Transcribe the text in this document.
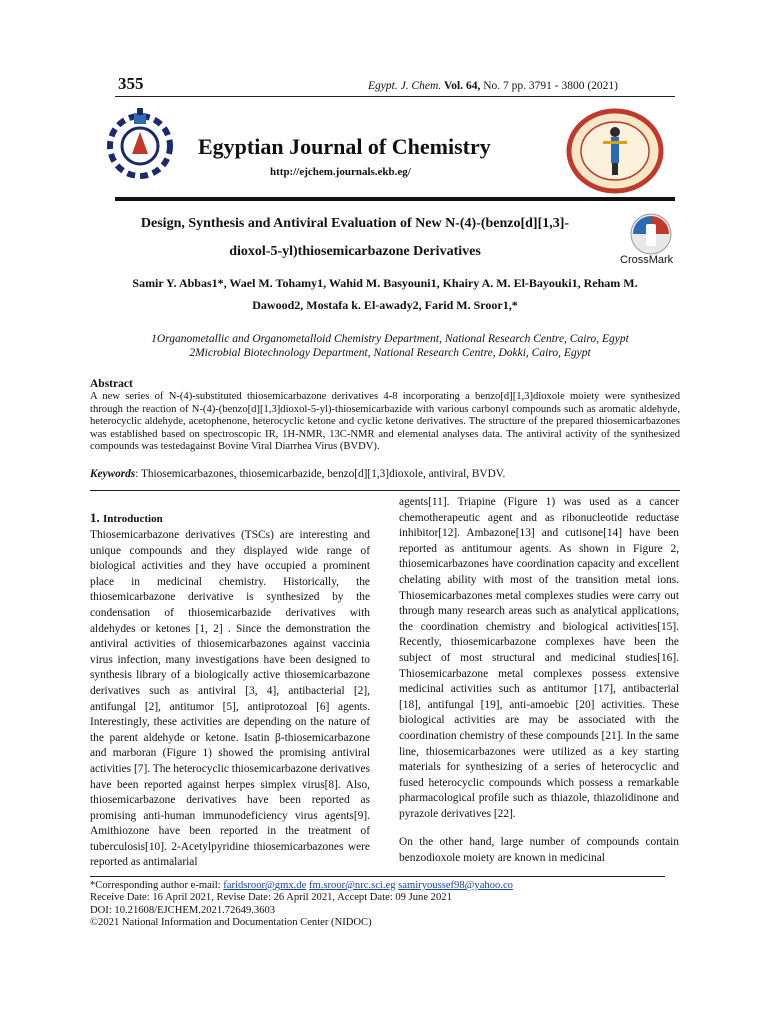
355	Egypt. J. Chem. Vol. 64, No. 7 pp. 3791 - 3800 (2021)
Egyptian Journal of Chemistry
http://ejchem.journals.ekb.eg/
Design, Synthesis and Antiviral Evaluation of New N-(4)-(benzo[d][1,3]-
dioxol-5-yl)thiosemicarbazone Derivatives
CrossMark
Samir Y. Abbas1*, Wael M. Tohamy1, Wahid M. Basyouni1, Khairy A. M. El-Bayouki1, Reham M.
Dawood2, Mostafa k. El-awady2, Farid M. Sroor1,*
1Organometallic and Organometalloid Chemistry Department, National Research Centre, Cairo, Egypt
2Microbial Biotechnology Department, National Research Centre, Dokki, Cairo, Egypt
Abstract
A new series of N-(4)-substituted thiosemicarbazone derivatives 4-8 incorporating a benzo[d][1,3]dioxole moiety were synthesized through the reaction of N-(4)-(benzo[d][1,3]dioxol-5-yl)-thiosemicarbazide with various carbonyl compounds such as aromatic aldehyde, heterocyclic aldehyde, acetophenone, heterocyclic ketone and cyclic ketone derivatives. The structure of the prepared thiosemicarbazones was established based on spectroscopic IR, 1H-NMR, 13C-NMR and elemental analyses data. The antiviral activity of the synthesized compounds was testedagainst Bovine Viral Diarrhea Virus (BVDV).
Keywords: Thiosemicarbazones, thiosemicarbazide, benzo[d][1,3]dioxole, antiviral, BVDV.
1. Introduction
Thiosemicarbazone derivatives (TSCs) are interesting and unique compounds and they displayed wide range of biological activities and they have occupied a prominent place in medicinal chemistry. Historically, the thiosemicarbazone derivative is synthesized by the condensation of thiosemicarbazide derivatives with aldehydes or ketones [1, 2] . Since the demonstration the antiviral activities of thiosemicarbazones against vaccinia virus infection, many investigations have been designed to synthesis library of a biologically active thiosemicarbazone derivatives such as antiviral [3, 4], antibacterial [2], antifungal [2], antitumor [5], antiprotozoal [6] agents. Interestingly, these activities are depending on the nature of the parent aldehyde or ketone. Isatin β-thiosemicarbazone and marboran (Figure 1) showed the promising antiviral activities [7]. The heterocyclic thiosemicarbazone derivatives have been reported against herpes simplex virus[8]. Also, thiosemicarbazone derivatives have been reported as promising anti-human immunodeficiency virus agents[9]. Amithiozone have been reported in the treatment of tuberculosis[10]. 2-Acetylpyridine thiosemicarbazones were reported as antimalarial

agents[11]. Triapine (Figure 1) was used as a cancer chemotherapeutic agent and as ribonucleotide reductase inhibitor[12]. Ambazone[13] and cutisone[14] have been reported as antitumour agents. As shown in Figure 2, thiosemicarbazones have coordination capacity and excellent chelating ability with most of the transition metal ions. Thiosemicarbazones metal complexes studies were carry out through many research areas such as analytical applications, the coordination chemistry and biological activities[15]. Recently, thiosemicarbazone complexes have been the subject of most structural and medicinal studies[16]. Thiosemicarbazone metal complexes possess extensive medicinal activities such as antitumor [17], antibacterial [18], antifungal [19], anti-amoebic [20] activities. These biological activities are may be associated with the coordination chemistry of these compounds [21]. In the same line, thiosemicarbazones were utilized as a key starting materials for synthesizing of a series of heterocyclic and fused heterocyclic compounds which possess a remarkable pharmacological profile such as thiazole, thiazolidinone and pyrazole derivatives [22].

On the other hand, large number of compounds contain benzodioxole moiety are known in medicinal

*Corresponding author e-mail: faridsroor@gmx.de fm.sroor@nrc.sci.eg samiryoussef98@yahoo.co
Receive Date: 16 April 2021, Revise Date: 26 April 2021, Accept Date: 09 June 2021
DOI: 10.21608/EJCHEM.2021.72649.3603
©2021 National Information and Documentation Center (NIDOC)
